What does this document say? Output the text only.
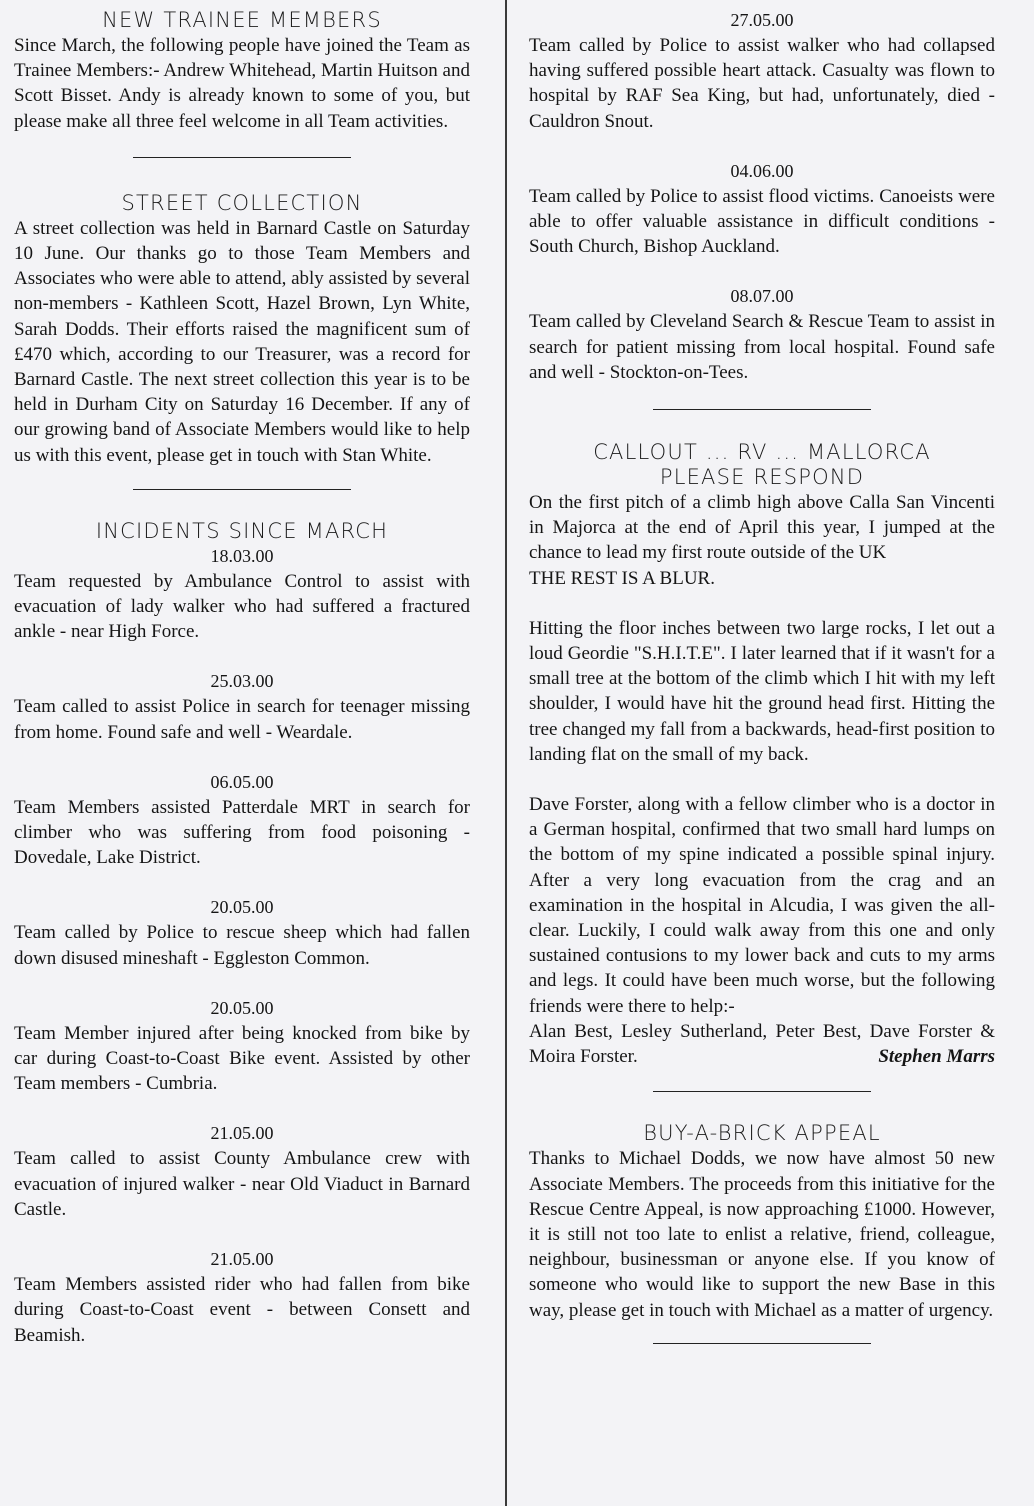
NEW TRAINEE MEMBERS

Since March, the following people have joined the Team as Trainee Members:- Andrew Whitehead, Martin Huitson and Scott Bisset. Andy is already known to some of you, but please make all three feel welcome in all Team activities.

STREET COLLECTION

A street collection was held in Barnard Castle on Saturday 10 June. Our thanks go to those Team Members and Associates who were able to attend, ably assisted by several non-members - Kathleen Scott, Hazel Brown, Lyn White, Sarah Dodds. Their efforts raised the magnificent sum of £470 which, according to our Treasurer, was a record for Barnard Castle. The next street collection this year is to be held in Durham City on Saturday 16 December. If any of our growing band of Associate Members would like to help us with this event, please get in touch with Stan White.

INCIDENTS SINCE MARCH

18.03.00

Team requested by Ambulance Control to assist with evacuation of lady walker who had suffered a fractured ankle - near High Force.

25.03.00

Team called to assist Police in search for teenager missing from home. Found safe and well - Weardale.

06.05.00

Team Members assisted Patterdale MRT in search for climber who was suffering from food poisoning - Dovedale, Lake District.

20.05.00

Team called by Police to rescue sheep which had fallen down disused mineshaft - Eggleston Common.

20.05.00

Team Member injured after being knocked from bike by car during Coast-to-Coast Bike event. Assisted by other Team members - Cumbria.

21.05.00

Team called to assist County Ambulance crew with evacuation of injured walker - near Old Viaduct in Barnard Castle.

21.05.00

Team Members assisted rider who had fallen from bike during Coast-to-Coast event - between Consett and Beamish.

27.05.00

Team called by Police to assist walker who had collapsed having suffered possible heart attack. Casualty was flown to hospital by RAF Sea King, but had, unfortunately, died - Cauldron Snout.

04.06.00

Team called by Police to assist flood victims. Canoeists were able to offer valuable assistance in difficult conditions - South Church, Bishop Auckland.

08.07.00

Team called by Cleveland Search & Rescue Team to assist in search for patient missing from local hospital. Found safe and well - Stockton-on-Tees.

CALLOUT ... RV ... MALLORCA
PLEASE RESPOND

On the first pitch of a climb high above Calla San Vincenti in Majorca at the end of April this year, I jumped at the chance to lead my first route outside of the UK

THE REST IS A BLUR.

Hitting the floor inches between two large rocks, I let out a loud Geordie "S.H.I.T.E". I later learned that if it wasn't for a small tree at the bottom of the climb which I hit with my left shoulder, I would have hit the ground head first. Hitting the tree changed my fall from a backwards, head-first position to landing flat on the small of my back.

Dave Forster, along with a fellow climber who is a doctor in a German hospital, confirmed that two small hard lumps on the bottom of my spine indicated a possible spinal injury. After a very long evacuation from the crag and an examination in the hospital in Alcudia, I was given the all-clear. Luckily, I could walk away from this one and only sustained contusions to my lower back and cuts to my arms and legs. It could have been much worse, but the following friends were there to help:-

Alan Best, Lesley Sutherland, Peter Best, Dave Forster & Moira Forster.	Stephen Marrs

BUY-A-BRICK APPEAL

Thanks to Michael Dodds, we now have almost 50 new Associate Members. The proceeds from this initiative for the Rescue Centre Appeal, is now approaching £1000. However, it is still not too late to enlist a relative, friend, colleague, neighbour, businessman or anyone else. If you know of someone who would like to support the new Base in this way, please get in touch with Michael as a matter of urgency.
